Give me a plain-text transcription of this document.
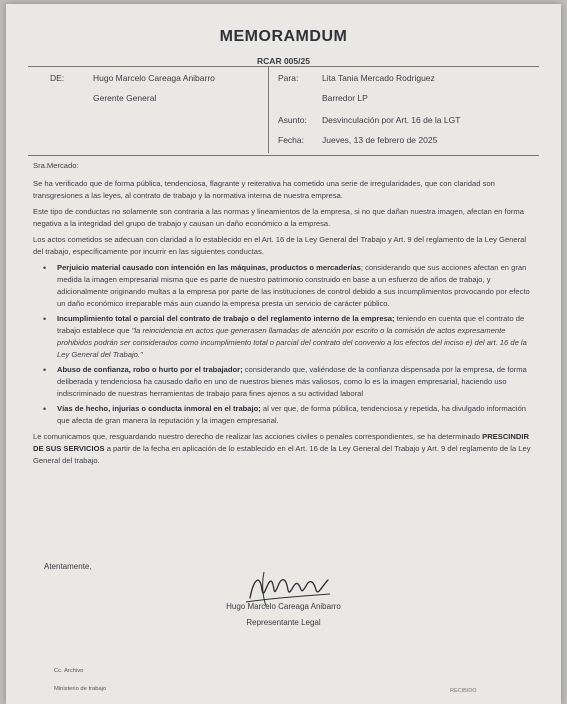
MEMORAMDUM
RCAR 005/25
DE:	Hugo Marcelo Careaga Anibarro
Gerente General
Para:	Lita Tania Mercado Rodriguez
Barredor LP
Asunto: Desvinculación por Art. 16 de la LGT
Fecha: Jueves, 13 de febrero de 2025

Sra.Mercado:

Se ha verificado que de forma pública, tendenciosa, flagrante y reiterativa ha cometido una serie de irregularidades, que con claridad son transgresiones a las leyes, al contrato de trabajo y la normativa interna de nuestra empresa.

Este tipo de conductas no solamente son contraria a las normas y lineamientos de la empresa, si no que dañan nuestra imagen, afectan en forma negativa a la integridad del grupo de trabajo y causan un daño económico a la empresa.

Los actos cometidos se adecuan con claridad a lo establecido en el Art. 16 de la Ley General del Trabajo y Art. 9 del reglamento de la Ley General del trabajo, específicamente por incurrir en las siguientes conductas.

• Perjuicio material causado con intención en las máquinas, productos o mercaderías; considerando que sus acciones afectan en gran medida la imagen empresarial misma que es parte de nuestro patrimonio construido en base a un esfuerzo de años de trabajo, y adicionalmente originando multas a la empresa por parte de las instituciones de control debido a sus incumplimientos provocando por efecto un daño económico irreparable más aun cuando la empresa presta un servicio de carácter público.
• Incumplimiento total o parcial del contrato de trabajo o del reglamento interno de la empresa; teniendo en cuenta que el contrato de trabajo establece que "la reincidencia en actos que generasen llamadas de atención por escrito o la comisión de actos expresamente prohibidos podrán ser considerados como incumplimiento total o parcial del contrato del convenio a los efectos del inciso e) del art. 16 de la Ley General del Trabajo."
• Abuso de confianza, robo o hurto por el trabajador; considerando que, valiéndose de la confianza dispensada por la empresa, de forma deliberada y tendenciosa ha causado daño en uno de nuestros bienes más valiosos, como lo es la imagen empresarial, haciendo uso indiscriminado de nuestras herramientas de trabajo para fines ajenos a su actividad laboral
• Vías de hecho, injurias o conducta inmoral en el trabajo; al ver que, de forma pública, tendenciosa y repetida, ha divulgado información que afecta de gran manera la reputación y la imagen empresarial.

Le comunicamos que, resguardando nuestro derecho de realizar las acciones civiles o penales correspondientes, se ha determinado PRESCINDIR DE SUS SERVICIOS a partir de la fecha en aplicación de lo establecido en el Art. 16 de la Ley General del Trabajo y Art. 9 del reglamento de la Ley General del trabajo.

Atentamente,
Hugo Marcelo Careaga Anibarro
Representante Legal
Cc. Archivo
Ministerio de trabajo	RECIBIDO
